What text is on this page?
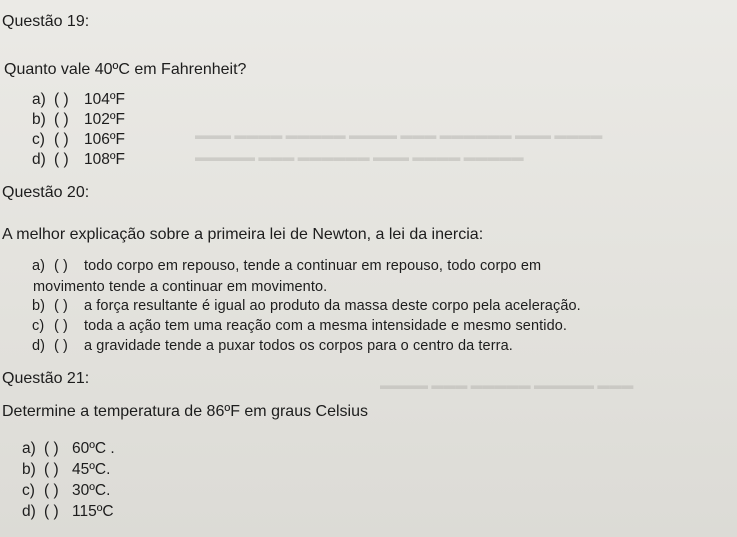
▬▬▬ ▬▬▬▬ ▬▬▬▬▬ ▬▬▬▬ ▬▬▬ ▬▬▬▬▬▬ ▬▬▬ ▬▬▬▬
▬▬▬▬▬ ▬▬▬ ▬▬▬▬▬▬ ▬▬▬ ▬▬▬▬ ▬▬▬▬▬
▬▬▬▬ ▬▬▬ ▬▬▬▬▬ ▬▬▬▬▬ ▬▬▬
Questão 19:
Quanto vale 40ºC em Fahrenheit?
a) ( ) 104ºF
b) ( ) 102ºF
c) ( ) 106ºF
d) ( ) 108ºF
Questão 20:
A melhor explicação sobre a primeira lei de Newton, a lei da inercia:
a) ( ) todo corpo em repouso, tende a continuar em repouso, todo corpo em
movimento tende a continuar em movimento.
b) ( ) a força resultante é igual ao produto da massa deste corpo pela aceleração.
c) ( ) toda a ação tem uma reação com a mesma intensidade e mesmo sentido.
d) ( ) a gravidade tende a puxar todos os corpos para o centro da terra.
Questão 21:
Determine a temperatura de 86ºF em graus Celsius
a) ( ) 60ºC .
b) ( ) 45ºC.
c) ( ) 30ºC.
d) ( ) 115ºC
